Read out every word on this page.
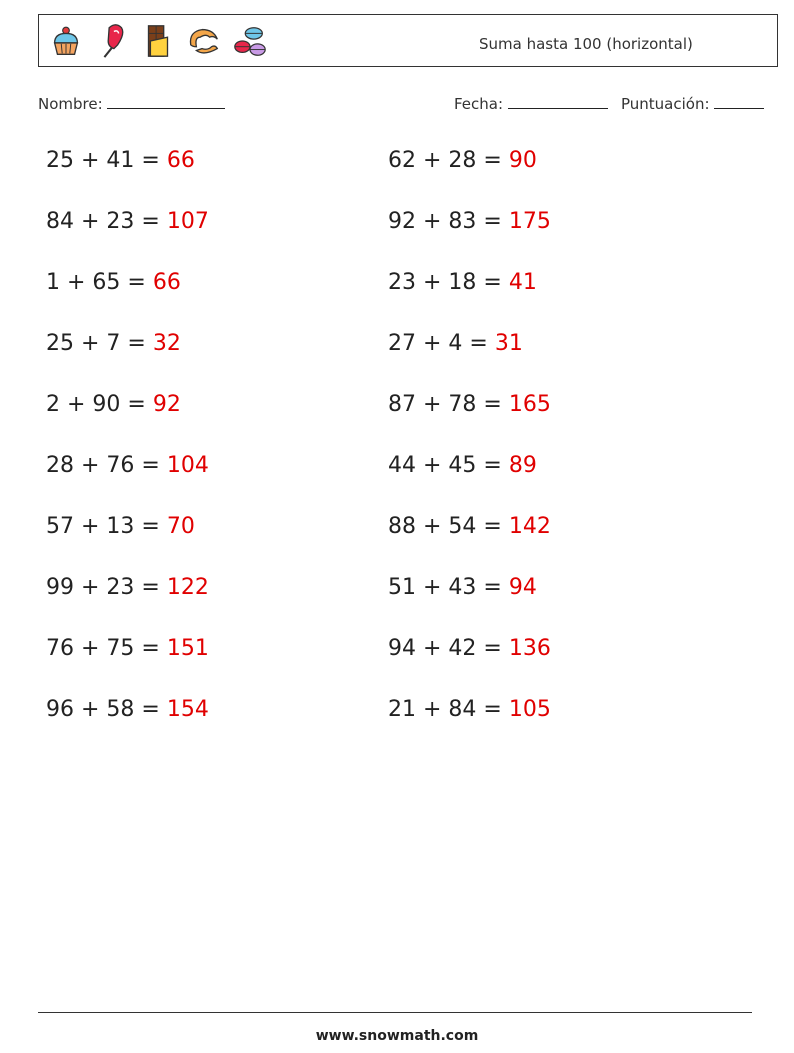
Suma hasta 100 (horizontal)
Nombre:	Fecha:	Puntuación:
25 + 41 = 66	62 + 28 = 90
84 + 23 = 107	92 + 83 = 175
1 + 65 = 66	23 + 18 = 41
25 + 7 = 32	27 + 4 = 31
2 + 90 = 92	87 + 78 = 165
28 + 76 = 104	44 + 45 = 89
57 + 13 = 70	88 + 54 = 142
99 + 23 = 122	51 + 43 = 94
76 + 75 = 151	94 + 42 = 136
96 + 58 = 154	21 + 84 = 105
www.snowmath.com
